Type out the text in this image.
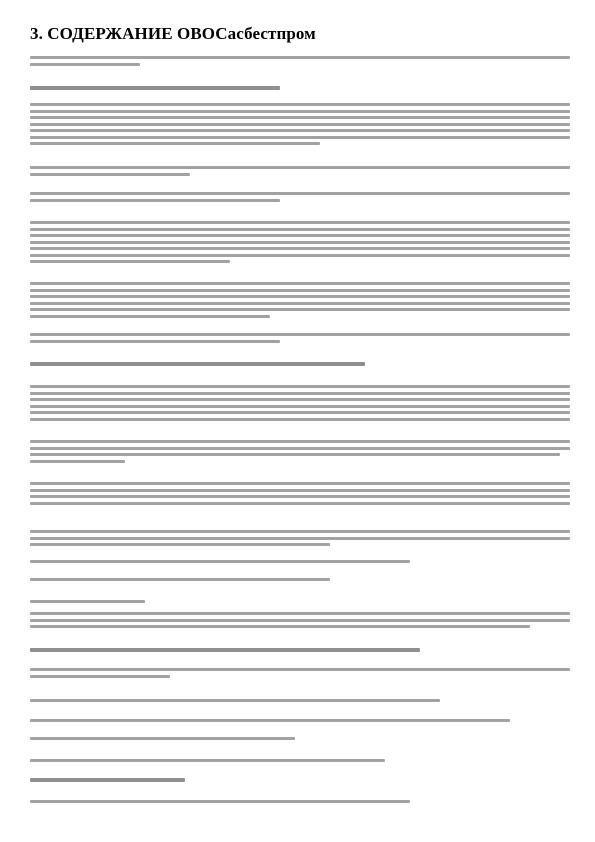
3. СОДЕРЖАНИЕ ОВОСасбестпром
